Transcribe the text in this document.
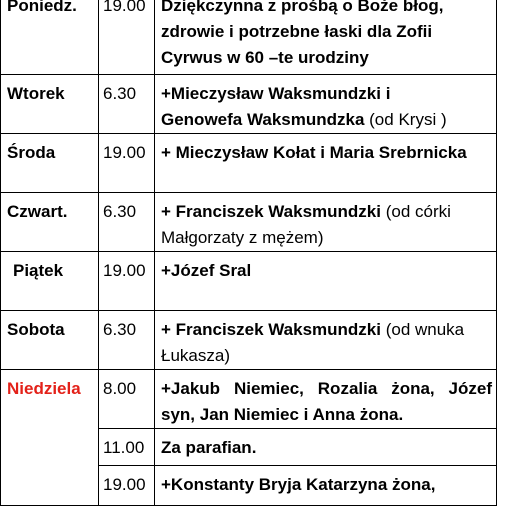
Poniedz.	19.00	Dziękczynna z prośbą o Boże błog,
zdrowie i potrzebne łaski dla Zofii
Cyrwus w 60 –te urodziny

Wtorek	6.30	+Mieczysław Waksmundzki i
Genowefa Waksmundzka (od Krysi )

Środa	19.00	+ Mieczysław Kołat i Maria Srebrnicka

Czwart.	6.30	+ Franciszek Waksmundzki (od córki
Małgorzaty z mężem)

Piątek	19.00	+Józef Sral

Sobota	6.30	+ Franciszek Waksmundzki (od wnuka
Łukasza)

Niedziela	8.00	+Jakub Niemiec, Rozalia żona, Józef
syn, Jan Niemiec i Anna żona.

	11.00	Za parafian.

	19.00	+Konstanty Bryja Katarzyna żona,
